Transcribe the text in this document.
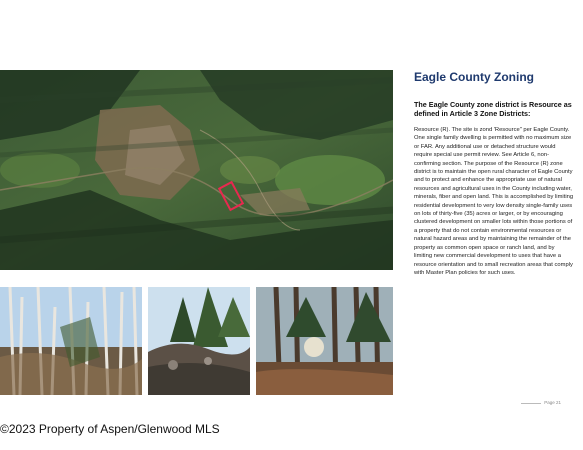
Eagle County Zoning

The Eagle County zone district is Resource as defined in Article 3 Zone Districts:

Resource (R). The site is zond 'Resource" per Eagle County. One single family dwelling is permitted with no maximum size or FAR. Any additional use or detached structure would require special use permit review. See Article 6, non-confirming section. The purpose of the Resource (R) zone district is to maintain the open rural character of Eagle County and to protect and enhance the appropriate use of natural resources and agricultural uses in the County including water, minerals, fiber and open land. This is accomplished by limiting residential development to very low density single-family uses on lots of thirty-five (35) acres or larger, or by encouraging clustered development on smaller lots within those portions of a property that do not contain environmental resources or natural hazard areas and by maintaining the remainder of the property as common open space or ranch land, and by limiting new commercial development to uses that have a resource orientation and to small recreation areas that comply with Master Plan policies for such uses.

Page 21
©2023 Property of Aspen/Glenwood MLS
